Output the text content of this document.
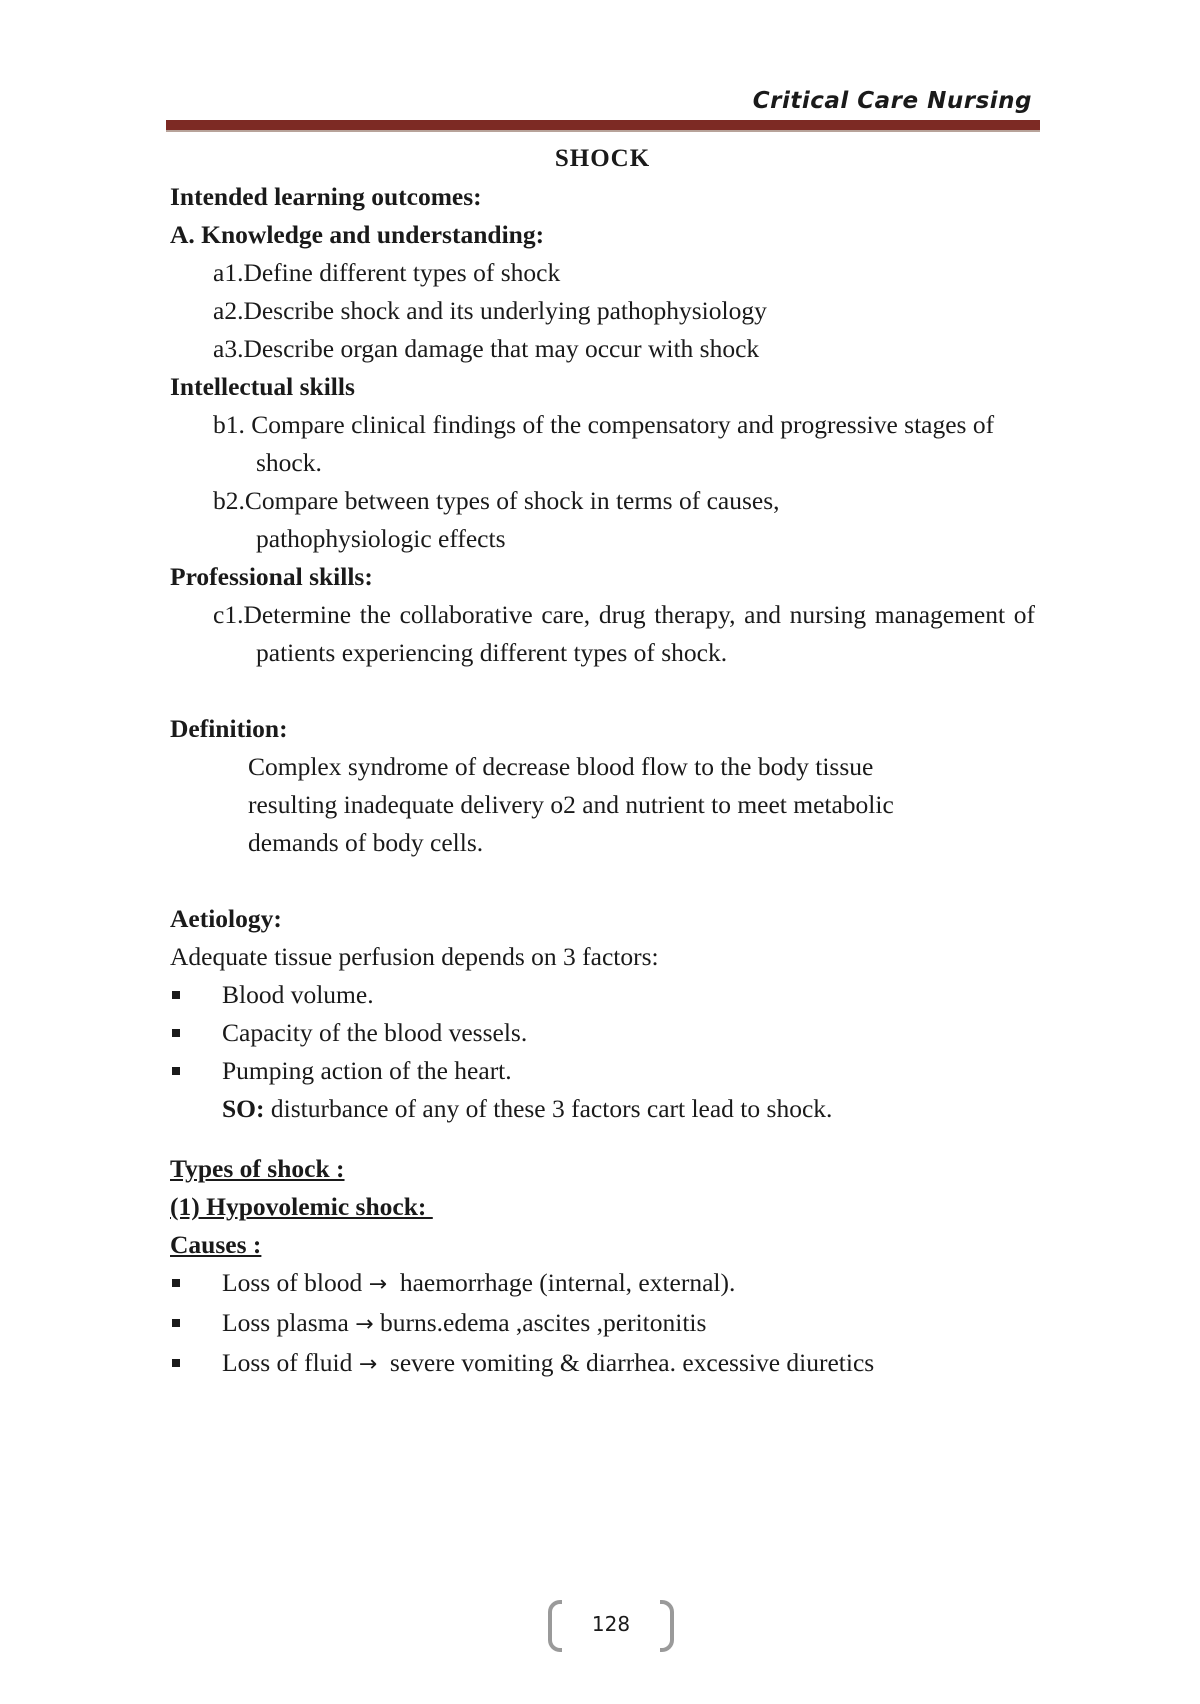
Critical Care Nursing

SHOCK

Intended learning outcomes:

A. Knowledge and understanding:

a1.Define different types of shock

a2.Describe shock and its underlying pathophysiology

a3.Describe organ damage that may occur with shock

Intellectual skills

b1. Compare clinical findings of the compensatory and progressive stages of shock.

b2.Compare between types of shock in terms of causes, pathophysiologic effects

Professional skills:

c1.Determine the collaborative care, drug therapy, and nursing management of patients experiencing different types of shock.

Definition:

Complex syndrome of decrease blood flow to the body tissue

resulting inadequate delivery o2 and nutrient to meet metabolic

demands of body cells.

Aetiology:

Adequate tissue perfusion depends on 3 factors:

Blood volume.
Capacity of the blood vessels.
Pumping action of the heart.

SO: disturbance of any of these 3 factors cart lead to shock.

Types of shock :

(1) Hypovolemic shock:

Causes :

Loss of blood →  haemorrhage (internal, external).
Loss plasma → burns.edema ,ascites ,peritonitis
Loss of fluid →  severe vomiting & diarrhea. excessive diuretics
128
